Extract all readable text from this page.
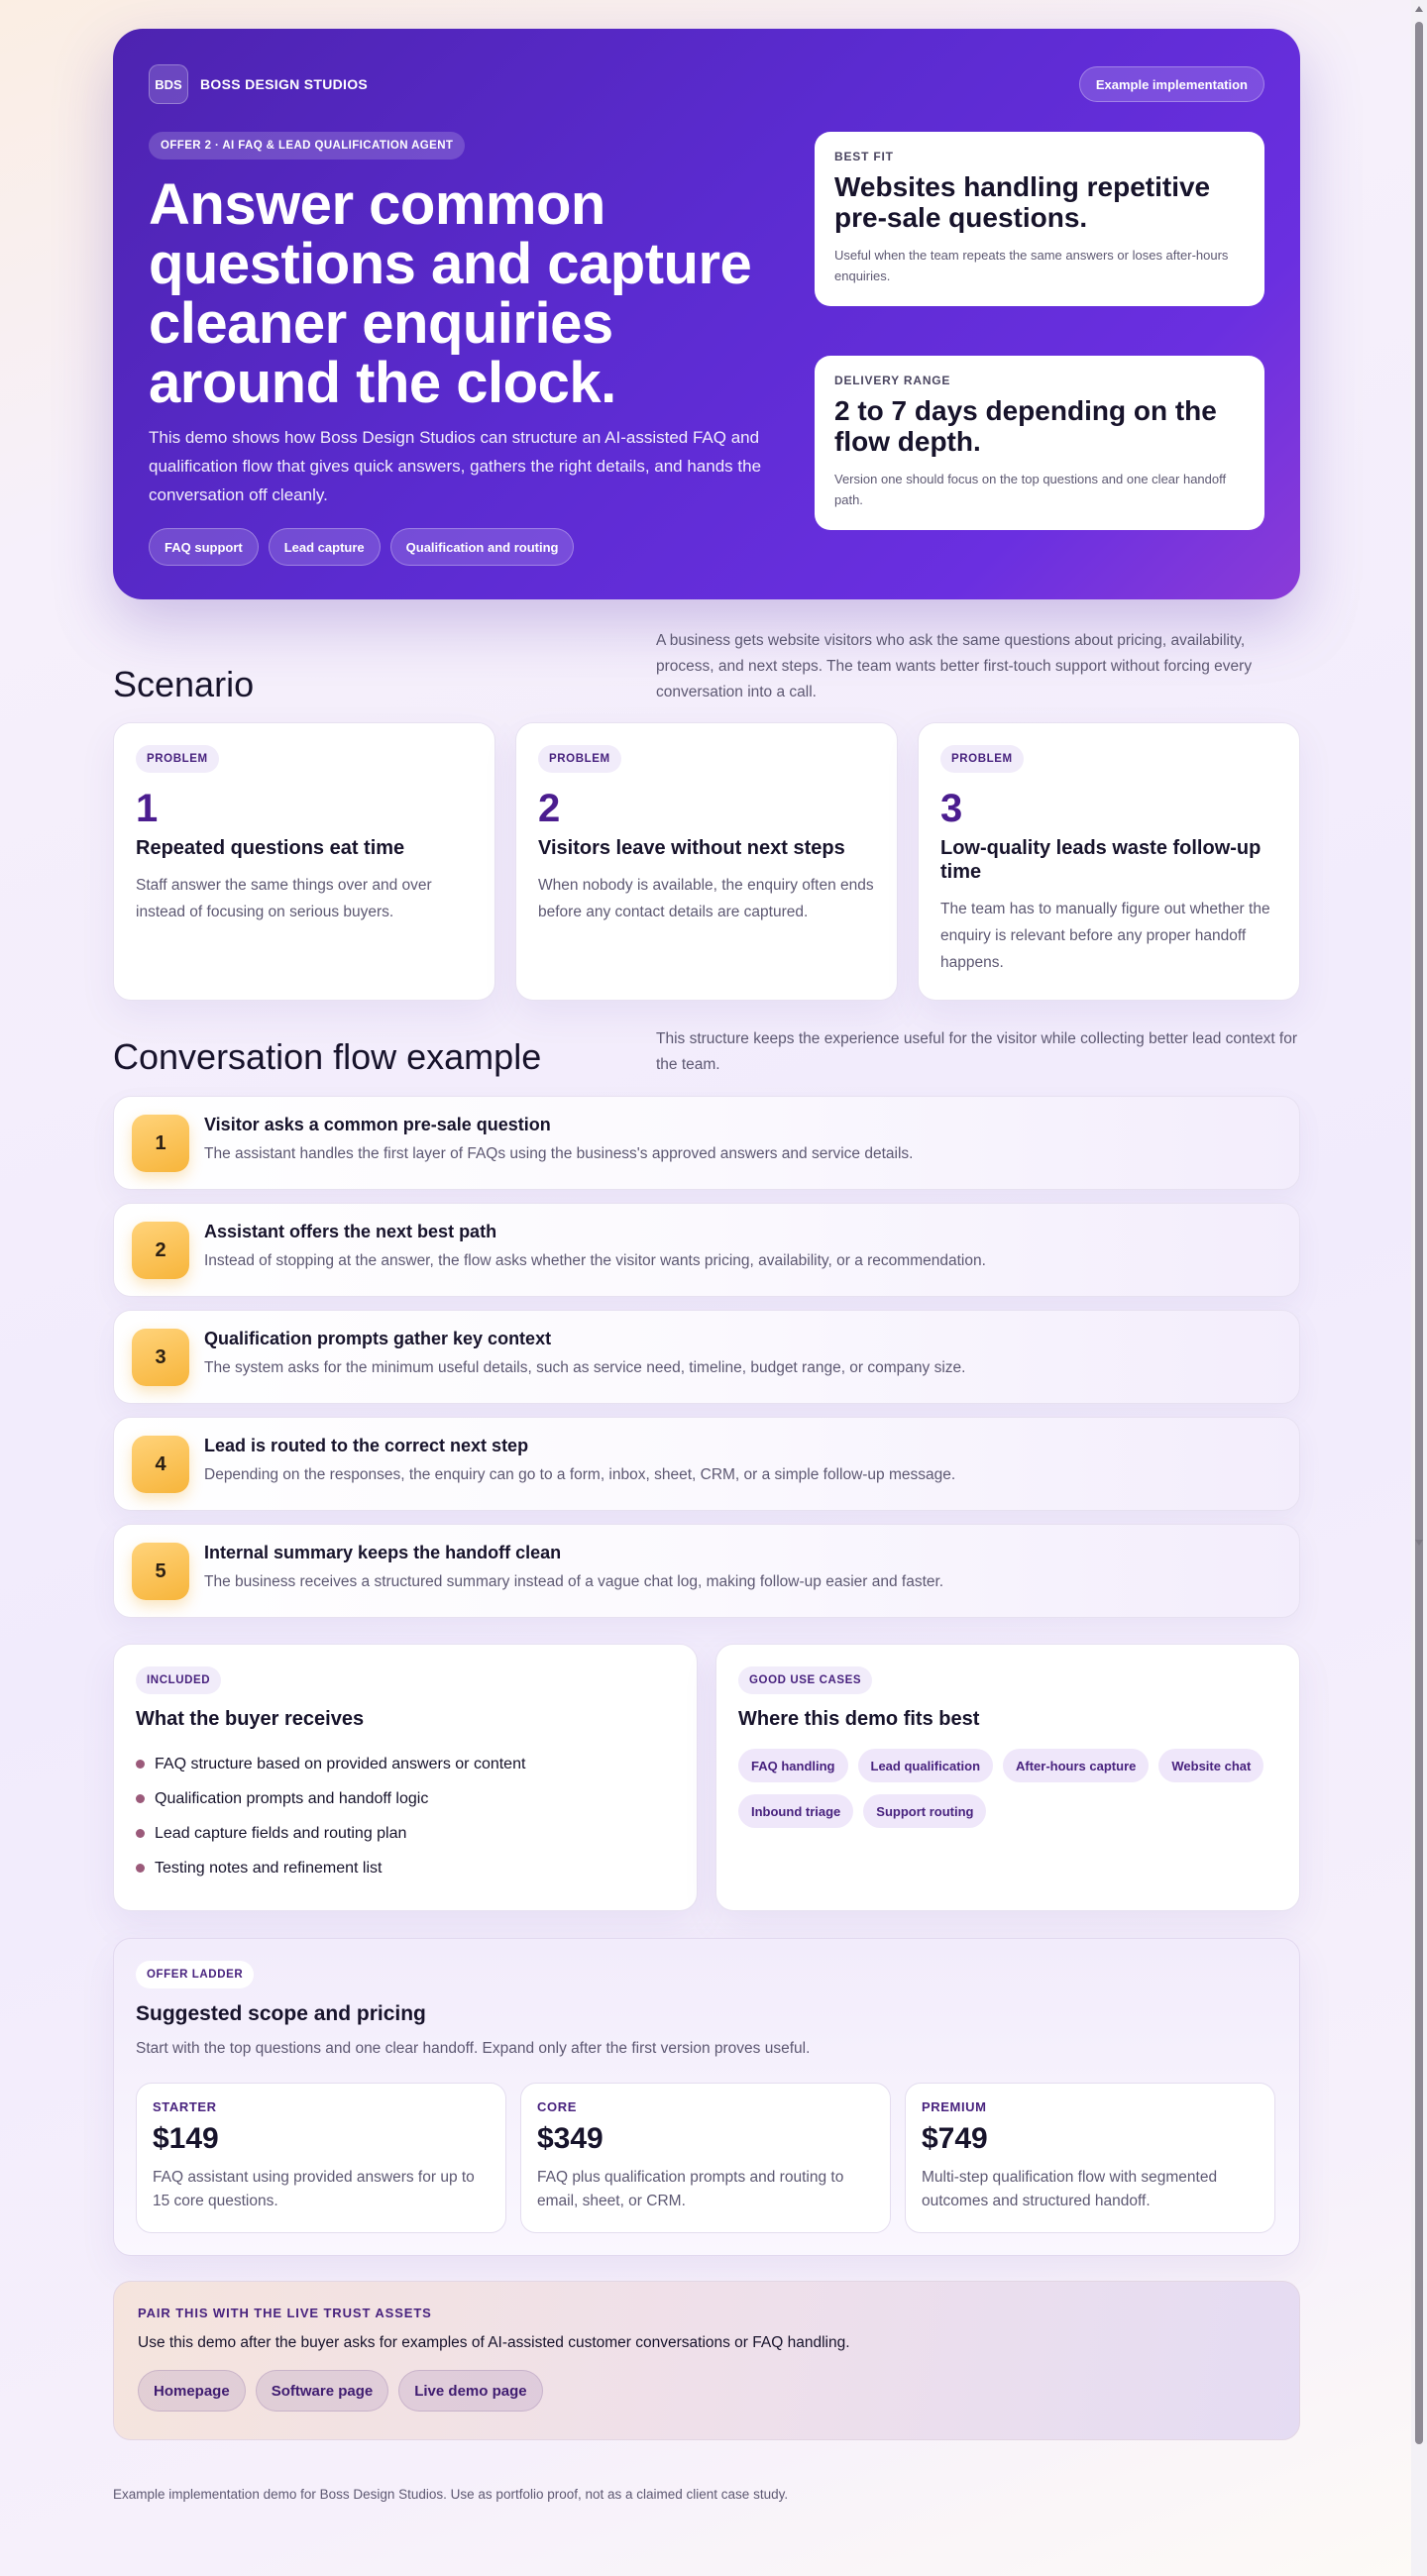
BDS	BOSS DESIGN STUDIOS	Example implementation
OFFER 2 · AI FAQ & LEAD QUALIFICATION AGENT
Answer common questions and capture cleaner enquiries around the clock.

This demo shows how Boss Design Studios can structure an AI-assisted FAQ and qualification flow that gives quick answers, gathers the right details, and hands the conversation off cleanly.

FAQ support	Lead capture	Qualification and routing
BEST FIT
Websites handling repetitive pre-sale questions.
Useful when the team repeats the same answers or loses after-hours enquiries.
DELIVERY RANGE
2 to 7 days depending on the flow depth.
Version one should focus on the top questions and one clear handoff path.
Scenario

A business gets website visitors who ask the same questions about pricing, availability, process, and next steps. The team wants better first-touch support without forcing every conversation into a call.

PROBLEM
1
Repeated questions eat time
Staff answer the same things over and over instead of focusing on serious buyers.
PROBLEM
2
Visitors leave without next steps
When nobody is available, the enquiry often ends before any contact details are captured.
PROBLEM
3
Low-quality leads waste follow-up time
The team has to manually figure out whether the enquiry is relevant before any proper handoff happens.
Conversation flow example	This structure keeps the experience useful for the visitor while collecting better lead context for the team.

1
Visitor asks a common pre-sale question
The assistant handles the first layer of FAQs using the business's approved answers and service details.
2
Assistant offers the next best path
Instead of stopping at the answer, the flow asks whether the visitor wants pricing, availability, or a recommendation.
3
Qualification prompts gather key context
The system asks for the minimum useful details, such as service need, timeline, budget range, or company size.
4
Lead is routed to the correct next step
Depending on the responses, the enquiry can go to a form, inbox, sheet, CRM, or a simple follow-up message.
5
Internal summary keeps the handoff clean
The business receives a structured summary instead of a vague chat log, making follow-up easier and faster.
INCLUDED
What the buyer receives
FAQ structure based on provided answers or content
Qualification prompts and handoff logic
Lead capture fields and routing plan
Testing notes and refinement list
GOOD USE CASES
Where this demo fits best
FAQ handling	Lead qualification	After-hours capture	Website chat
Inbound triage	Support routing
OFFER LADDER
Suggested scope and pricing
Start with the top questions and one clear handoff. Expand only after the first version proves useful.
STARTER
$149
FAQ assistant using provided answers for up to 15 core questions.
CORE
$349
FAQ plus qualification prompts and routing to email, sheet, or CRM.
PREMIUM
$749
Multi-step qualification flow with segmented outcomes and structured handoff.
PAIR THIS WITH THE LIVE TRUST ASSETS
Use this demo after the buyer asks for examples of AI-assisted customer conversations or FAQ handling.
Homepage	Software page	Live demo page
Example implementation demo for Boss Design Studios. Use as portfolio proof, not as a claimed client case study.
